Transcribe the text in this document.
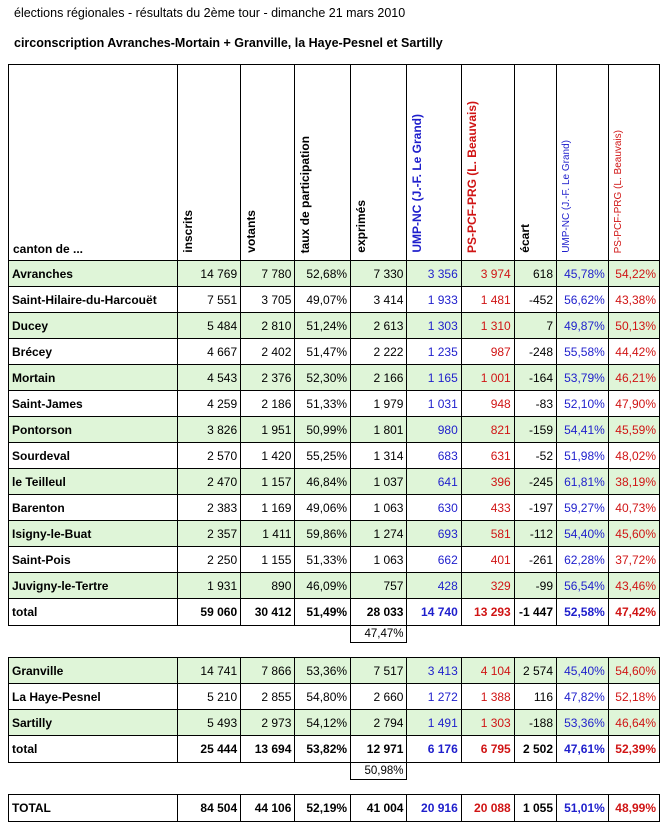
élections régionales - résultats du 2ème tour - dimanche 21 mars 2010
circonscription Avranches-Mortain + Granville, la Haye-Pesnel et Sartilly
canton de ...	inscrits	votants	taux de participation	exprimés	UMP-NC (J.-F. Le Grand)	PS-PCF-PRG (L. Beauvais)	écart	UMP-NC (J.-F. Le Grand)	PS-PCF-PRG (L. Beauvais)
Avranches	14 769	7 780	52,68%	7 330	3 356	3 974	618	45,78%	54,22%
Saint-Hilaire-du-Harcouët	7 551	3 705	49,07%	3 414	1 933	1 481	-452	56,62%	43,38%
Ducey	5 484	2 810	51,24%	2 613	1 303	1 310	7	49,87%	50,13%
Brécey	4 667	2 402	51,47%	2 222	1 235	987	-248	55,58%	44,42%
Mortain	4 543	2 376	52,30%	2 166	1 165	1 001	-164	53,79%	46,21%
Saint-James	4 259	2 186	51,33%	1 979	1 031	948	-83	52,10%	47,90%
Pontorson	3 826	1 951	50,99%	1 801	980	821	-159	54,41%	45,59%
Sourdeval	2 570	1 420	55,25%	1 314	683	631	-52	51,98%	48,02%
le Teilleul	2 470	1 157	46,84%	1 037	641	396	-245	61,81%	38,19%
Barenton	2 383	1 169	49,06%	1 063	630	433	-197	59,27%	40,73%
Isigny-le-Buat	2 357	1 411	59,86%	1 274	693	581	-112	54,40%	45,60%
Saint-Pois	2 250	1 155	51,33%	1 063	662	401	-261	62,28%	37,72%
Juvigny-le-Tertre	1 931	890	46,09%	757	428	329	-99	56,54%	43,46%
total	59 060	30 412	51,49%	28 033	14 740	13 293	-1 447	52,58%	47,42%
				47,47%					

Granville	14 741	7 866	53,36%	7 517	3 413	4 104	2 574	45,40%	54,60%
La Haye-Pesnel	5 210	2 855	54,80%	2 660	1 272	1 388	116	47,82%	52,18%
Sartilly	5 493	2 973	54,12%	2 794	1 491	1 303	-188	53,36%	46,64%
total	25 444	13 694	53,82%	12 971	6 176	6 795	2 502	47,61%	52,39%
				50,98%					

TOTAL	84 504	44 106	52,19%	41 004	20 916	20 088	1 055	51,01%	48,99%
